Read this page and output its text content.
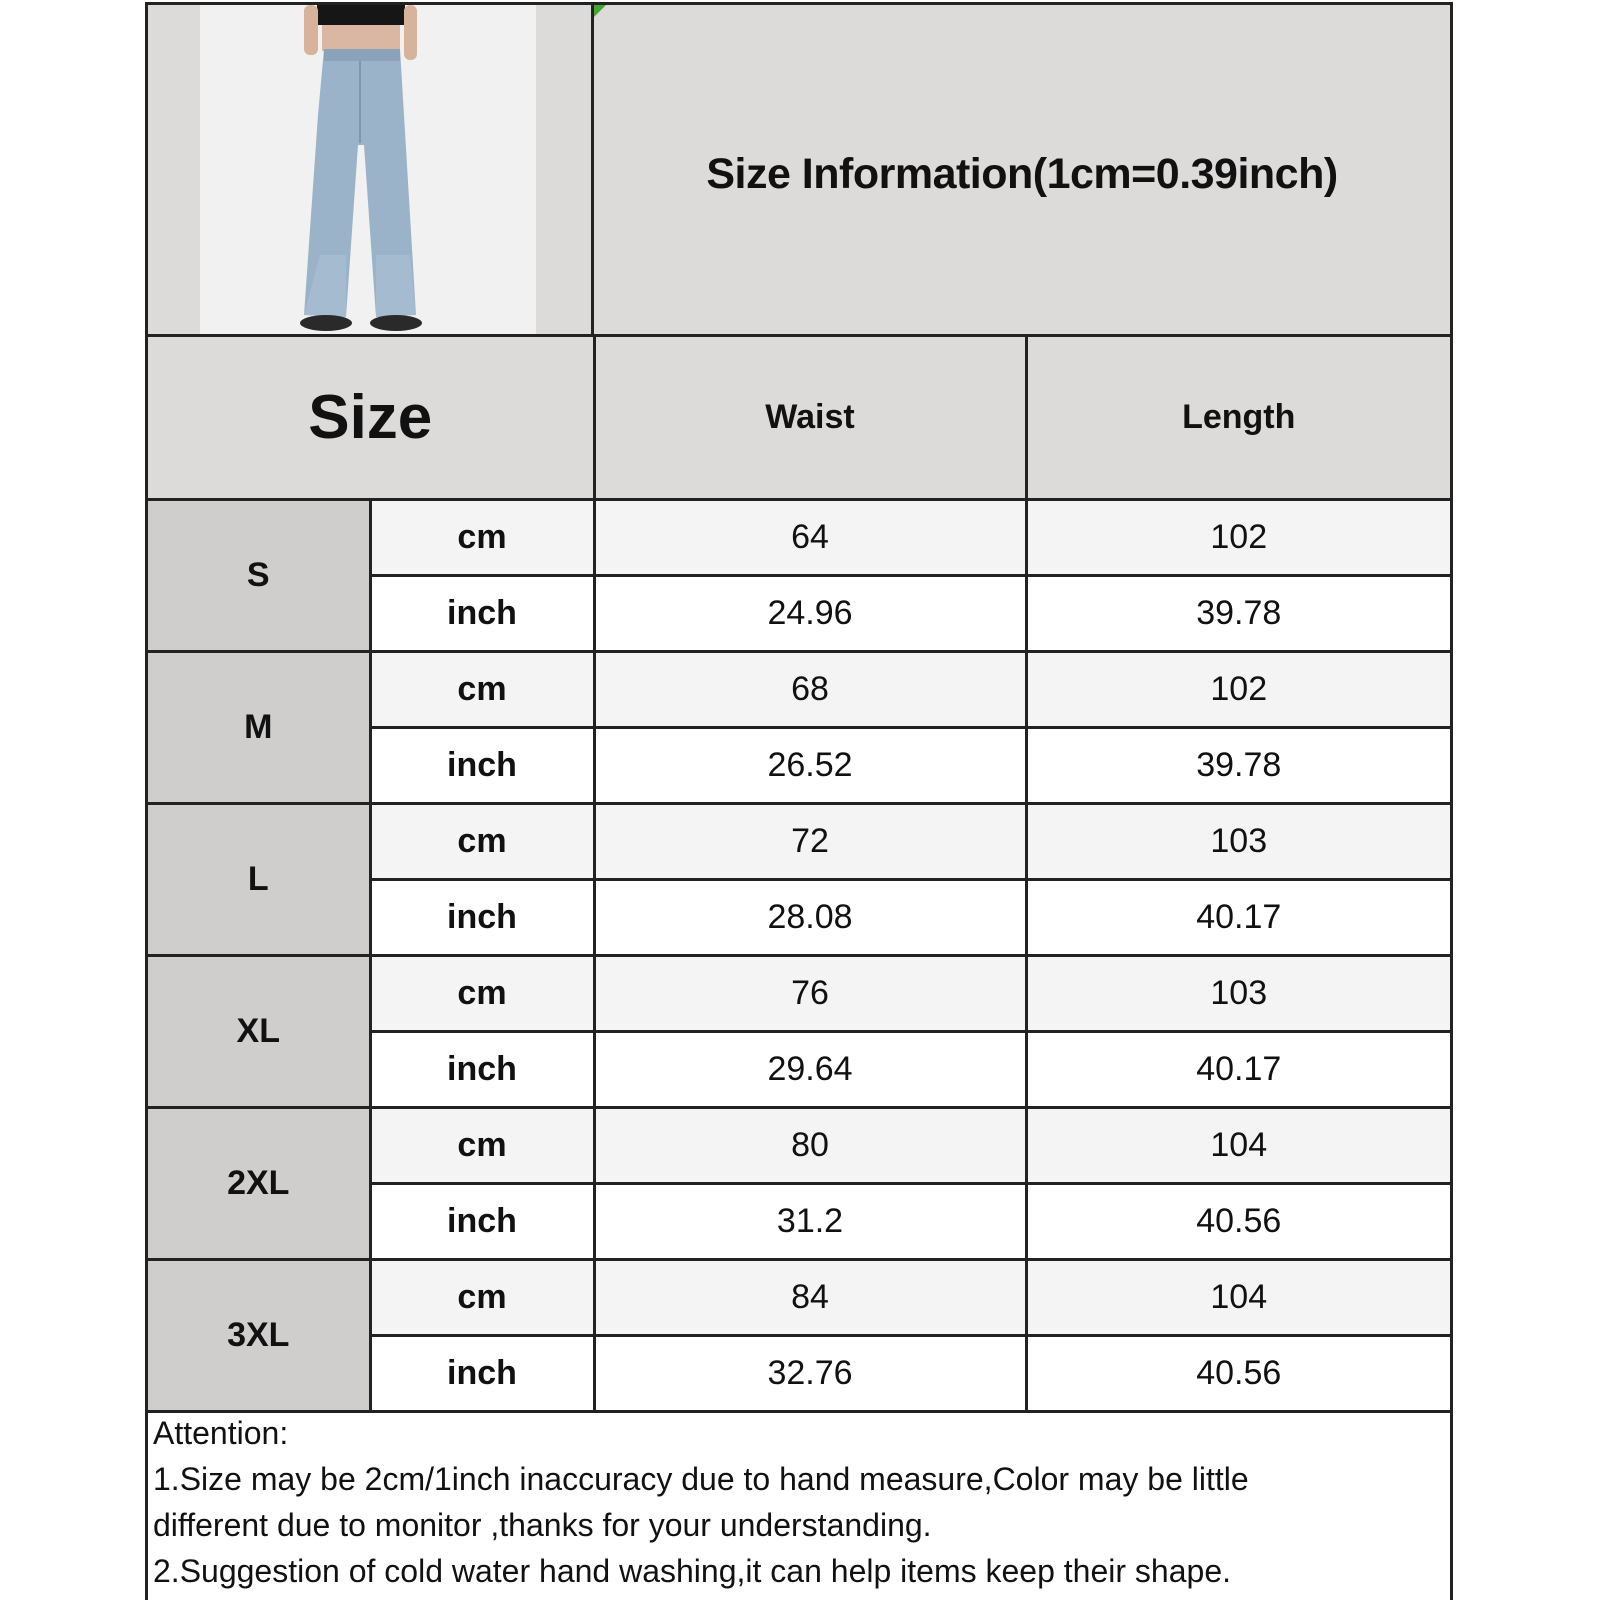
Size Information(1cm=0.39inch)
Size		Waist	Length
S	cm	64	102
	inch	24.96	39.78
M	cm	68	102
	inch	26.52	39.78
L	cm	72	103
	inch	28.08	40.17
XL	cm	76	103
	inch	29.64	40.17
2XL	cm	80	104
	inch	31.2	40.56
3XL	cm	84	104
	inch	32.76	40.56
Attention:
1.Size may be 2cm/1inch inaccuracy due to hand measure,Color may be little
different due to monitor ,thanks for your understanding.
2.Suggestion of cold water hand washing,it can help items keep their shape.
